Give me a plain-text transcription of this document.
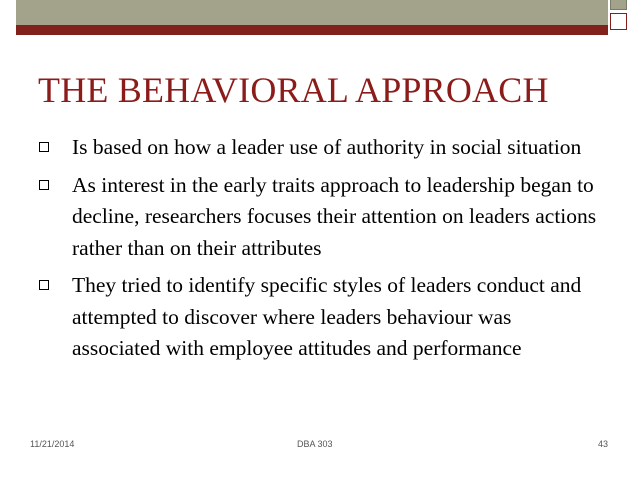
THE BEHAVIORAL APPROACH
Is based on how a leader use of authority in social situation
As interest in the early traits approach to leadership began to decline, researchers focuses their attention on leaders actions rather than on their attributes
They tried to identify specific styles of leaders conduct and attempted to discover where leaders behaviour was associated with employee attitudes and performance
11/21/2014	DBA 303	43
